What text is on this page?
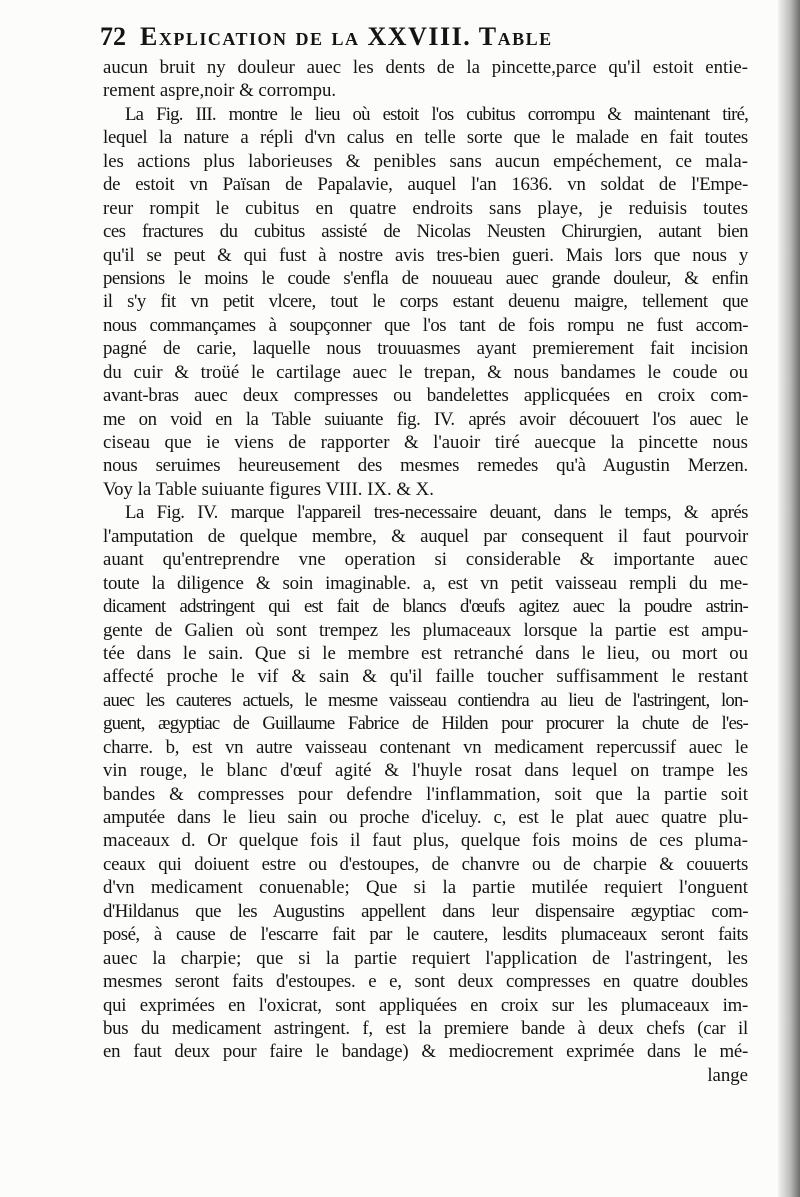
72 Explication de la XXVIII. Table
aucun bruit ny douleur auec les dents de la pincette,parce qu'il estoit entie-
rement aspre,noir & corrompu.
La Fig. III. montre le lieu où estoit l'os cubitus corrompu & maintenant tiré,
lequel la nature a répli d'vn calus en telle sorte que le malade en fait toutes
les actions plus laborieuses & penibles sans aucun empéchement, ce mala-
de estoit vn Païsan de Papalavie, auquel l'an 1636. vn soldat de l'Empe-
reur rompit le cubitus en quatre endroits sans playe, je reduisis toutes
ces fractures du cubitus assisté de Nicolas Neusten Chirurgien, autant bien
qu'il se peut & qui fust à nostre avis tres-bien gueri. Mais lors que nous y
pensions le moins le coude s'enfla de nouueau auec grande douleur, & enfin
il s'y fit vn petit vlcere, tout le corps estant deuenu maigre, tellement que
nous commançames à soupçonner que l'os tant de fois rompu ne fust accom-
pagné de carie, laquelle nous trouuasmes ayant premierement fait incision
du cuir & troüé le cartilage auec le trepan, & nous bandames le coude ou
avant-bras auec deux compresses ou bandelettes applicquées en croix com-
me on void en la Table suiuante fig. IV. aprés avoir découuert l'os auec le
ciseau que ie viens de rapporter & l'auoir tiré auecque la pincette nous
nous seruimes heureusement des mesmes remedes qu'à Augustin Merzen.
Voy la Table suiuante figures VIII. IX. & X.
La Fig. IV. marque l'appareil tres-necessaire deuant, dans le temps, & aprés
l'amputation de quelque membre, & auquel par consequent il faut pourvoir
auant qu'entreprendre vne operation si considerable & importante auec
toute la diligence & soin imaginable. a, est vn petit vaisseau rempli du me-
dicament adstringent qui est fait de blancs d'œufs agitez auec la poudre astrin-
gente de Galien où sont trempez les plumaceaux lorsque la partie est ampu-
tée dans le sain. Que si le membre est retranché dans le lieu, ou mort ou
affecté proche le vif & sain & qu'il faille toucher suffisamment le restant
auec les cauteres actuels, le mesme vaisseau contiendra au lieu de l'astringent, lon-
guent, ægyptiac de Guillaume Fabrice de Hilden pour procurer la chute de l'es-
charre. b, est vn autre vaisseau contenant vn medicament repercussif auec le
vin rouge, le blanc d'œuf agité & l'huyle rosat dans lequel on trampe les
bandes & compresses pour defendre l'inflammation, soit que la partie soit
amputée dans le lieu sain ou proche d'iceluy. c, est le plat auec quatre plu-
maceaux d. Or quelque fois il faut plus, quelque fois moins de ces pluma-
ceaux qui doiuent estre ou d'estoupes, de chanvre ou de charpie & couuerts
d'vn medicament conuenable; Que si la partie mutilée requiert l'onguent
d'Hildanus que les Augustins appellent dans leur dispensaire ægyptiac com-
posé, à cause de l'escarre fait par le cautere, lesdits plumaceaux seront faits
auec la charpie; que si la partie requiert l'application de l'astringent, les
mesmes seront faits d'estoupes. e e, sont deux compresses en quatre doubles
qui exprimées en l'oxicrat, sont appliquées en croix sur les plumaceaux im-
bus du medicament astringent. f, est la premiere bande à deux chefs (car il
en faut deux pour faire le bandage) & mediocrement exprimée dans le mé-
lange
